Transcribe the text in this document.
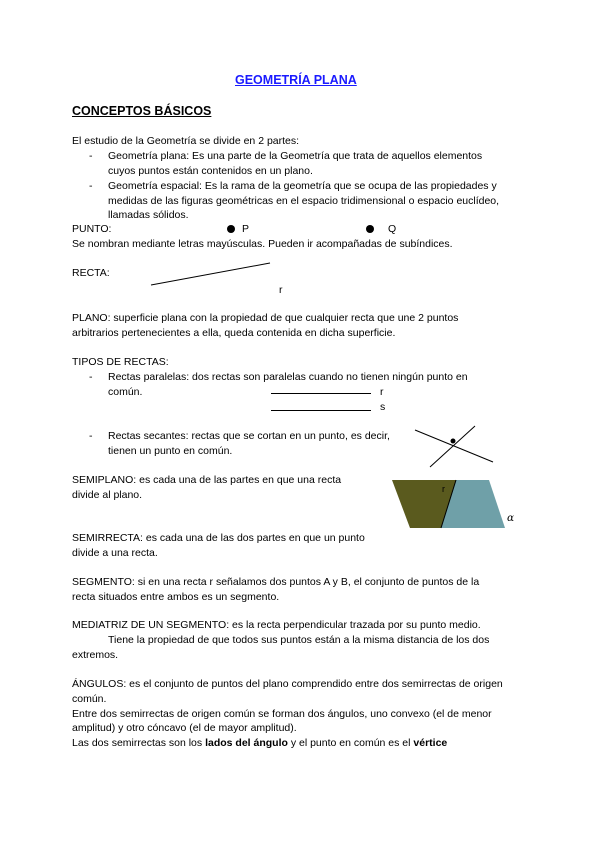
GEOMETRÍA PLANA
CONCEPTOS BÁSICOS
El estudio de la Geometría se divide en 2 partes:
- Geometría plana: Es una parte de la Geometría que trata de aquellos elementos
cuyos puntos están contenidos en un plano.
- Geometría espacial: Es la rama de la geometría que se ocupa de las propiedades y
medidas de las figuras geométricas en el espacio tridimensional o espacio euclídeo,
llamadas sólidos.
PUNTO:	P	Q
Se nombran mediante letras mayúsculas. Pueden ir acompañadas de subíndices.
RECTA:
r
PLANO: superficie plana con la propiedad de que cualquier recta que une 2 puntos
arbitrarios pertenecientes a ella, queda contenida en dicha superficie.
TIPOS DE RECTAS:
- Rectas paralelas: dos rectas son paralelas cuando no tienen ningún punto en
común.	r
s
- Rectas secantes: rectas que se cortan en un punto, es decir,
tienen un punto en común.
SEMIPLANO: es cada una de las partes en que una recta
divide al plano.	r
α
SEMIRRECTA: es cada una de las dos partes en que un punto
divide a una recta.
SEGMENTO: si en una recta r señalamos dos puntos A y B, el conjunto de puntos de la
recta situados entre ambos es un segmento.
MEDIATRIZ DE UN SEGMENTO: es la recta perpendicular trazada por su punto medio.
Tiene la propiedad de que todos sus puntos están a la misma distancia de los dos
extremos.
ÁNGULOS: es el conjunto de puntos del plano comprendido entre dos semirrectas de origen
común.
Entre dos semirrectas de origen común se forman dos ángulos, uno convexo (el de menor
amplitud) y otro cóncavo (el de mayor amplitud).
Las dos semirrectas son los lados del ángulo y el punto en común es el vértice
